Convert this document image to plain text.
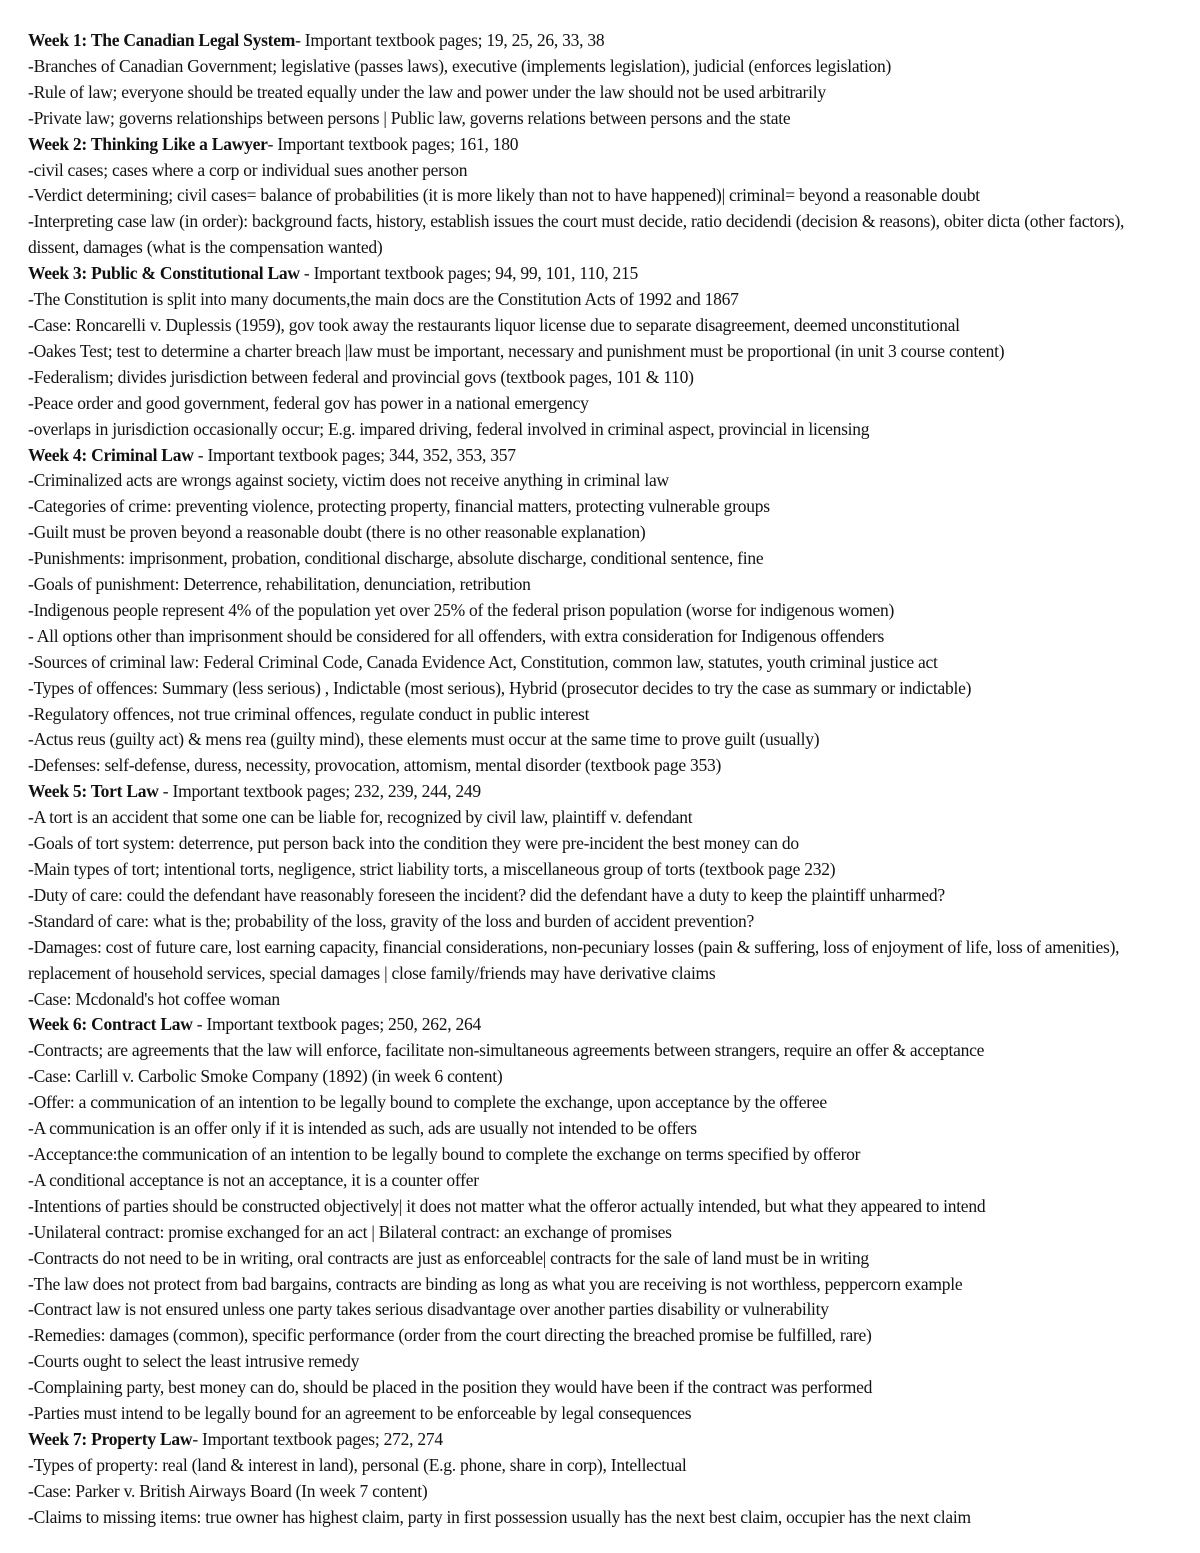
Week 1: The Canadian Legal System- Important textbook pages; 19, 25, 26, 33, 38
-Branches of Canadian Government; legislative (passes laws), executive (implements legislation), judicial (enforces legislation)
-Rule of law; everyone should be treated equally under the law and power under the law should not be used arbitrarily
-Private law; governs relationships between persons | Public law, governs relations between persons and the state
Week 2: Thinking Like a Lawyer- Important textbook pages; 161, 180
-civil cases; cases where a corp or individual sues another person
-Verdict determining; civil cases= balance of probabilities (it is more likely than not to have happened)| criminal= beyond a reasonable doubt
-Interpreting case law (in order): background facts, history, establish issues the court must decide, ratio decidendi (decision & reasons), obiter dicta (other factors), dissent, damages (what is the compensation wanted)
Week 3: Public & Constitutional Law - Important textbook pages; 94, 99, 101, 110, 215
-The Constitution is split into many documents,the main docs are the Constitution Acts of 1992 and 1867
-Case: Roncarelli v. Duplessis (1959), gov took away the restaurants liquor license due to separate disagreement, deemed unconstitutional
-Oakes Test; test to determine a charter breach |law must be important, necessary and punishment must be proportional (in unit 3 course content)
-Federalism; divides jurisdiction between federal and provincial govs (textbook pages, 101 & 110)
-Peace order and good government, federal gov has power in a national emergency
-overlaps in jurisdiction occasionally occur; E.g. impared driving, federal involved in criminal aspect, provincial in licensing
Week 4: Criminal Law - Important textbook pages; 344, 352, 353, 357
-Criminalized acts are wrongs against society, victim does not receive anything in criminal law
-Categories of crime: preventing violence, protecting property, financial matters, protecting vulnerable groups
-Guilt must be proven beyond a reasonable doubt (there is no other reasonable explanation)
-Punishments: imprisonment, probation, conditional discharge, absolute discharge, conditional sentence, fine
-Goals of punishment: Deterrence, rehabilitation, denunciation, retribution
-Indigenous people represent 4% of the population yet over 25% of the federal prison population (worse for indigenous women)
- All options other than imprisonment should be considered for all offenders, with extra consideration for Indigenous offenders
-Sources of criminal law: Federal Criminal Code, Canada Evidence Act, Constitution, common law, statutes, youth criminal justice act
-Types of offences: Summary (less serious) , Indictable (most serious), Hybrid (prosecutor decides to try the case as summary or indictable)
-Regulatory offences, not true criminal offences, regulate conduct in public interest
-Actus reus (guilty act) & mens rea (guilty mind), these elements must occur at the same time to prove guilt (usually)
-Defenses: self-defense, duress, necessity, provocation, attomism, mental disorder (textbook page 353)
Week 5: Tort Law - Important textbook pages; 232, 239, 244, 249
-A tort is an accident that some one can be liable for, recognized by civil law, plaintiff v. defendant
-Goals of tort system: deterrence, put person back into the condition they were pre-incident the best money can do
-Main types of tort; intentional torts, negligence, strict liability torts, a miscellaneous group of torts (textbook page 232)
-Duty of care: could the defendant have reasonably foreseen the incident? did the defendant have a duty to keep the plaintiff unharmed?
-Standard of care: what is the; probability of the loss, gravity of the loss and burden of accident prevention?
-Damages: cost of future care, lost earning capacity, financial considerations, non-pecuniary losses (pain & suffering, loss of enjoyment of life, loss of amenities), replacement of household services, special damages | close family/friends may have derivative claims
-Case: Mcdonald's hot coffee woman
Week 6: Contract Law - Important textbook pages; 250, 262, 264
-Contracts; are agreements that the law will enforce, facilitate non-simultaneous agreements between strangers, require an offer & acceptance
-Case: Carlill v. Carbolic Smoke Company (1892) (in week 6 content)
-Offer: a communication of an intention to be legally bound to complete the exchange, upon acceptance by the offeree
-A communication is an offer only if it is intended as such, ads are usually not intended to be offers
-Acceptance:the communication of an intention to be legally bound to complete the exchange on terms specified by offeror
-A conditional acceptance is not an acceptance, it is a counter offer
-Intentions of parties should be constructed objectively| it does not matter what the offeror actually intended, but what they appeared to intend
-Unilateral contract: promise exchanged for an act | Bilateral contract: an exchange of promises
-Contracts do not need to be in writing, oral contracts are just as enforceable| contracts for the sale of land must be in writing
-The law does not protect from bad bargains, contracts are binding as long as what you are receiving is not worthless, peppercorn example
-Contract law is not ensured unless one party takes serious disadvantage over another parties disability or vulnerability
-Remedies: damages (common), specific performance (order from the court directing the breached promise be fulfilled, rare)
-Courts ought to select the least intrusive remedy
-Complaining party, best money can do, should be placed in the position they would have been if the contract was performed
-Parties must intend to be legally bound for an agreement to be enforceable by legal consequences
Week 7: Property Law- Important textbook pages; 272, 274
-Types of property: real (land & interest in land), personal (E.g. phone, share in corp), Intellectual
-Case: Parker v. British Airways Board (In week 7 content)
-Claims to missing items: true owner has highest claim, party in first possession usually has the next best claim, occupier has the next claim
